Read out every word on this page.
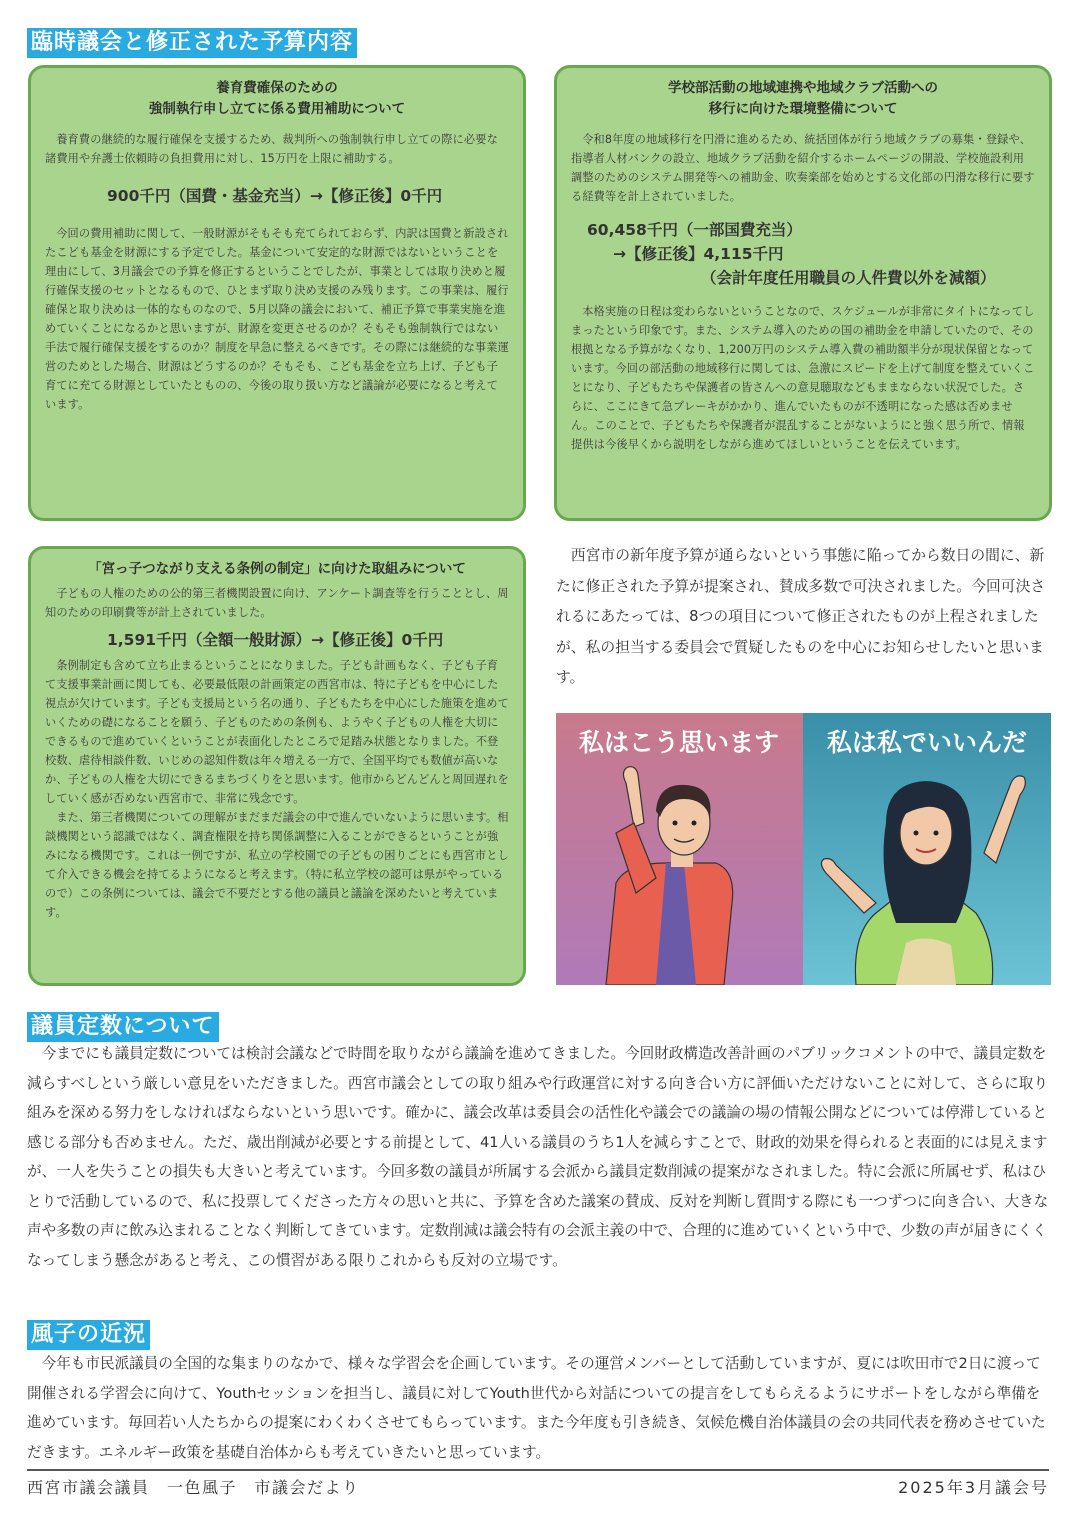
臨時議会と修正された予算内容
養育費確保のための
強制執行申し立てに係る費用補助について
養育費の継続的な履行確保を支援するため、裁判所への強制執行申し立ての際に必要な諸費用や弁護士依頼時の負担費用に対し、15万円を上限に補助する。
900千円（国費・基金充当）→【修正後】0千円
今回の費用補助に関して、一般財源がそもそも充てられておらず、内訳は国費と新設されたこども基金を財源にする予定でした。基金について安定的な財源ではないということを理由にして、3月議会での予算を修正するということでしたが、事業としては取り決めと履行確保支援のセットとなるもので、ひとまず取り決め支援のみ残ります。この事業は、履行確保と取り決めは一体的なものなので、5月以降の議会において、補正予算で事業実施を進めていくことになるかと思いますが、財源を変更させるのか？そもそも強制執行ではない手法で履行確保支援をするのか？制度を早急に整えるべきです。その際には継続的な事業運営のためとした場合、財源はどうするのか？そもそも、こども基金を立ち上げ、子ども子育てに充てる財源としていたとものの、今後の取り扱い方など議論が必要になると考えています。
学校部活動の地域連携や地域クラブ活動への
移行に向けた環境整備について
令和8年度の地域移行を円滑に進めるため、統括団体が行う地域クラブの募集・登録や、指導者人材バンクの設立、地域クラブ活動を紹介するホームページの開設、学校施設利用調整のためのシステム開発等への補助金、吹奏楽部を始めとする文化部の円滑な移行に要する経費等を計上されていました。
60,458千円（一部国費充当）
→【修正後】4,115千円
（会計年度任用職員の人件費以外を減額）
本格実施の日程は変わらないということなので、スケジュールが非常にタイトになってしまったという印象です。また、システム導入のための国の補助金を申請していたので、その根拠となる予算がなくなり、1,200万円のシステム導入費の補助額半分が現状保留となっています。今回の部活動の地域移行に関しては、急激にスピードを上げて制度を整えていくことになり、子どもたちや保護者の皆さんへの意見聴取などもままならない状況でした。さらに、ここにきて急ブレーキがかかり、進んでいたものが不透明になった感は否めません。このことで、子どもたちや保護者が混乱することがないようにと強く思う所で、情報提供は今後早くから説明をしながら進めてほしいということを伝えています。
「宮っ子つながり支える条例の制定」に向けた取組みについて
子どもの人権のための公的第三者機関設置に向け、アンケート調査等を行うこととし、周知のための印刷費等が計上されていました。
1,591千円（全額一般財源）→【修正後】0千円
条例制定も含めて立ち止まるということになりました。子ども計画もなく、子ども子育て支援事業計画に関しても、必要最低限の計画策定の西宮市は、特に子どもを中心にした視点が欠けています。子ども支援局という名の通り、子どもたちを中心にした施策を進めていくための礎になることを願う、子どものための条例も、ようやく子どもの人権を大切にできるもので進めていくということが表面化したところで足踏み状態となりました。不登校数、虐待相談件数、いじめの認知件数は年々増える一方で、全国平均でも数値が高いなか、子どもの人権を大切にできるまちづくりをと思います。他市からどんどんと周回遅れをしていく感が否めない西宮市で、非常に残念です。
また、第三者機関についての理解がまだまだ議会の中で進んでいないように思います。相談機関という認識ではなく、調査権限を持ち関係調整に入ることができるということが強みになる機関です。これは一例ですが、私立の学校園での子どもの困りごとにも西宮市として介入できる機会を持てるようになると考えます。（特に私立学校の認可は県がやっているので）この条例については、議会で不要だとする他の議員と議論を深めたいと考えています。
西宮市の新年度予算が通らないという事態に陥ってから数日の間に、新たに修正された予算が提案され、賛成多数で可決されました。今回可決されるにあたっては、8つの項目について修正されたものが上程されましたが、私の担当する委員会で質疑したものを中心にお知らせしたいと思います。
私はこう思います 私は私でいいんだ
議員定数について
今までにも議員定数については検討会議などで時間を取りながら議論を進めてきました。今回財政構造改善計画のパブリックコメントの中で、議員定数を減らすべしという厳しい意見をいただきました。西宮市議会としての取り組みや行政運営に対する向き合い方に評価いただけないことに対して、さらに取り組みを深める努力をしなければならないという思いです。確かに、議会改革は委員会の活性化や議会での議論の場の情報公開などについては停滞していると感じる部分も否めません。ただ、歳出削減が必要とする前提として、41人いる議員のうち1人を減らすことで、財政的効果を得られると表面的には見えますが、一人を失うことの損失も大きいと考えています。今回多数の議員が所属する会派から議員定数削減の提案がなされました。特に会派に所属せず、私はひとりで活動しているので、私に投票してくださった方々の思いと共に、予算を含めた議案の賛成、反対を判断し質問する際にも一つずつに向き合い、大きな声や多数の声に飲み込まれることなく判断してきています。定数削減は議会特有の会派主義の中で、合理的に進めていくという中で、少数の声が届きにくくなってしまう懸念があると考え、この慣習がある限りこれからも反対の立場です。
風子の近況
今年も市民派議員の全国的な集まりのなかで、様々な学習会を企画しています。その運営メンバーとして活動していますが、夏には吹田市で2日に渡って開催される学習会に向けて、Youthセッションを担当し、議員に対してYouth世代から対話についての提言をしてもらえるようにサポートをしながら準備を進めています。毎回若い人たちからの提案にわくわくさせてもらっています。また今年度も引き続き、気候危機自治体議員の会の共同代表を務めさせていただきます。エネルギー政策を基礎自治体からも考えていきたいと思っています。
西宮市議会議員　一色風子　市議会だより	2025年3月議会号
